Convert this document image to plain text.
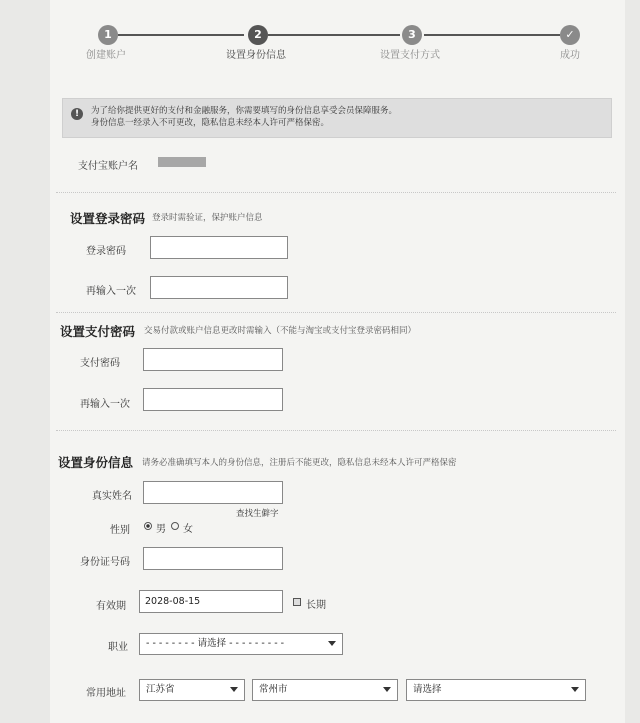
1	2	3	✓
创建账户	设置身份信息	设置支付方式	成功
!	为了给你提供更好的支付和金融服务，你需要填写的身份信息享受会员保障服务。
身份信息一经录入不可更改，隐私信息未经本人许可严格保密。
支付宝账户名
设置登录密码 登录时需验证，保护账户信息
登录密码
再输入一次
设置支付密码 交易付款或账户信息更改时需输入（不能与淘宝或支付宝登录密码相同）
支付密码
再输入一次
设置身份信息 请务必准确填写本人的身份信息，注册后不能更改，隐私信息未经本人许可严格保密
真实姓名
查找生僻字
性别	男 女
身份证号码
有效期	2028-08-15	长期
职业	- - - - - - - - 请选择 - - - - - - - - -
常用地址	江苏省	常州市	请选择
